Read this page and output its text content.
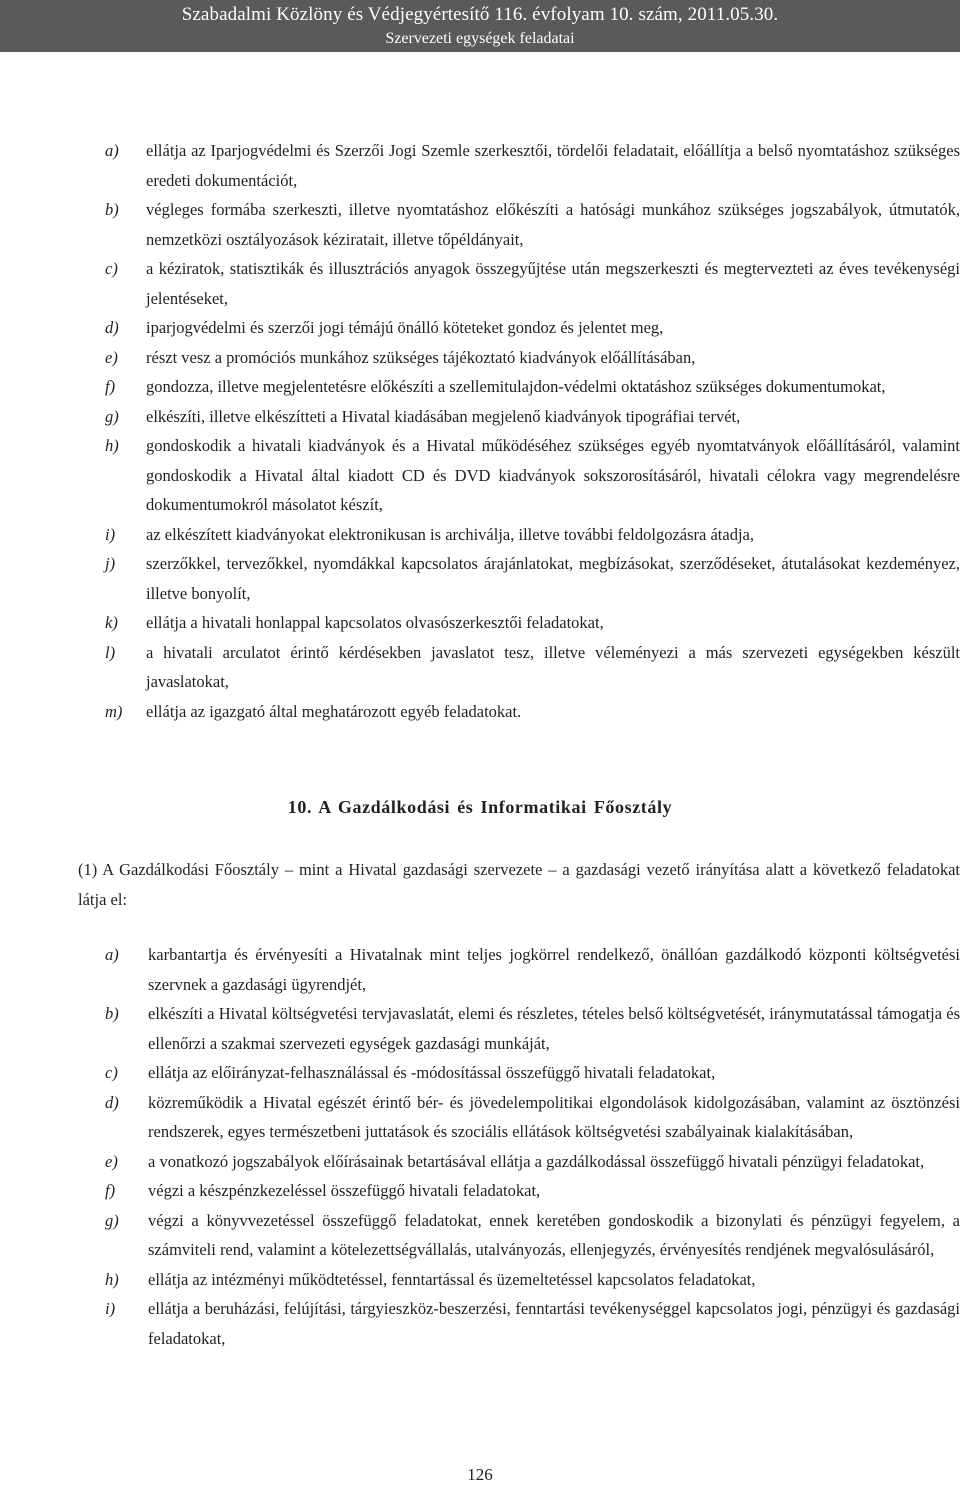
Szabadalmi Közlöny és Védjegyértesítő 116. évfolyam 10. szám, 2011.05.30.
Szervezeti egységek feladatai
a) ellátja az Iparjogvédelmi és Szerzői Jogi Szemle szerkesztői, tördelői feladatait, előállítja a belső nyomtatáshoz szükséges eredeti dokumentációt,
b) végleges formába szerkeszti, illetve nyomtatáshoz előkészíti a hatósági munkához szükséges jogszabályok, útmutatók, nemzetközi osztályozások kéziratait, illetve tőpéldányait,
c) a kéziratok, statisztikák és illusztrációs anyagok összegyűjtése után megszerkeszti és megtervezteti az éves tevékenységi jelentéseket,
d) iparjogvédelmi és szerzői jogi témájú önálló köteteket gondoz és jelentet meg,
e) részt vesz a promóciós munkához szükséges tájékoztató kiadványok előállításában,
f) gondozza, illetve megjelentetésre előkészíti a szellemitulajdon-védelmi oktatáshoz szükséges dokumentumokat,
g) elkészíti, illetve elkészítteti a Hivatal kiadásában megjelenő kiadványok tipográfiai tervét,
h) gondoskodik a hivatali kiadványok és a Hivatal működéséhez szükséges egyéb nyomtatványok előállításáról, valamint gondoskodik a Hivatal által kiadott CD és DVD kiadványok sokszorosításáról, hivatali célokra vagy megrendelésre dokumentumokról másolatot készít,
i) az elkészített kiadványokat elektronikusan is archiválja, illetve további feldolgozásra átadja,
j) szerzőkkel, tervezőkkel, nyomdákkal kapcsolatos árajánlatokat, megbízásokat, szerződéseket, átutalásokat kezdeményez, illetve bonyolít,
k) ellátja a hivatali honlappal kapcsolatos olvasószerkesztői feladatokat,
l) a hivatali arculatot érintő kérdésekben javaslatot tesz, illetve véleményezi a más szervezeti egységekben készült javaslatokat,
m) ellátja az igazgató által meghatározott egyéb feladatokat.
10. A Gazdálkodási és Informatikai Főosztály

(1) A Gazdálkodási Főosztály – mint a Hivatal gazdasági szervezete – a gazdasági vezető irányítása alatt a következő feladatokat látja el:

a) karbantartja és érvényesíti a Hivatalnak mint teljes jogkörrel rendelkező, önállóan gazdálkodó központi költségvetési szervnek a gazdasági ügyrendjét,
b) elkészíti a Hivatal költségvetési tervjavaslatát, elemi és részletes, tételes belső költségvetését, iránymutatással támogatja és ellenőrzi a szakmai szervezeti egységek gazdasági munkáját,
c) ellátja az előirányzat-felhasználással és -módosítással összefüggő hivatali feladatokat,
d) közreműködik a Hivatal egészét érintő bér- és jövedelempolitikai elgondolások kidolgozásában, valamint az ösztönzési rendszerek, egyes természetbeni juttatások és szociális ellátások költségvetési szabályainak kialakításában,
e) a vonatkozó jogszabályok előírásainak betartásával ellátja a gazdálkodással összefüggő hivatali pénzügyi feladatokat,
f) végzi a készpénzkezeléssel összefüggő hivatali feladatokat,
g) végzi a könyvvezetéssel összefüggő feladatokat, ennek keretében gondoskodik a bizonylati és pénzügyi fegyelem, a számviteli rend, valamint a kötelezettségvállalás, utalványozás, ellenjegyzés, érvényesítés rendjének megvalósulásáról,
h) ellátja az intézményi működtetéssel, fenntartással és üzemeltetéssel kapcsolatos feladatokat,
i) ellátja a beruházási, felújítási, tárgyieszköz-beszerzési, fenntartási tevékenységgel kapcsolatos jogi, pénzügyi és gazdasági feladatokat,
126
